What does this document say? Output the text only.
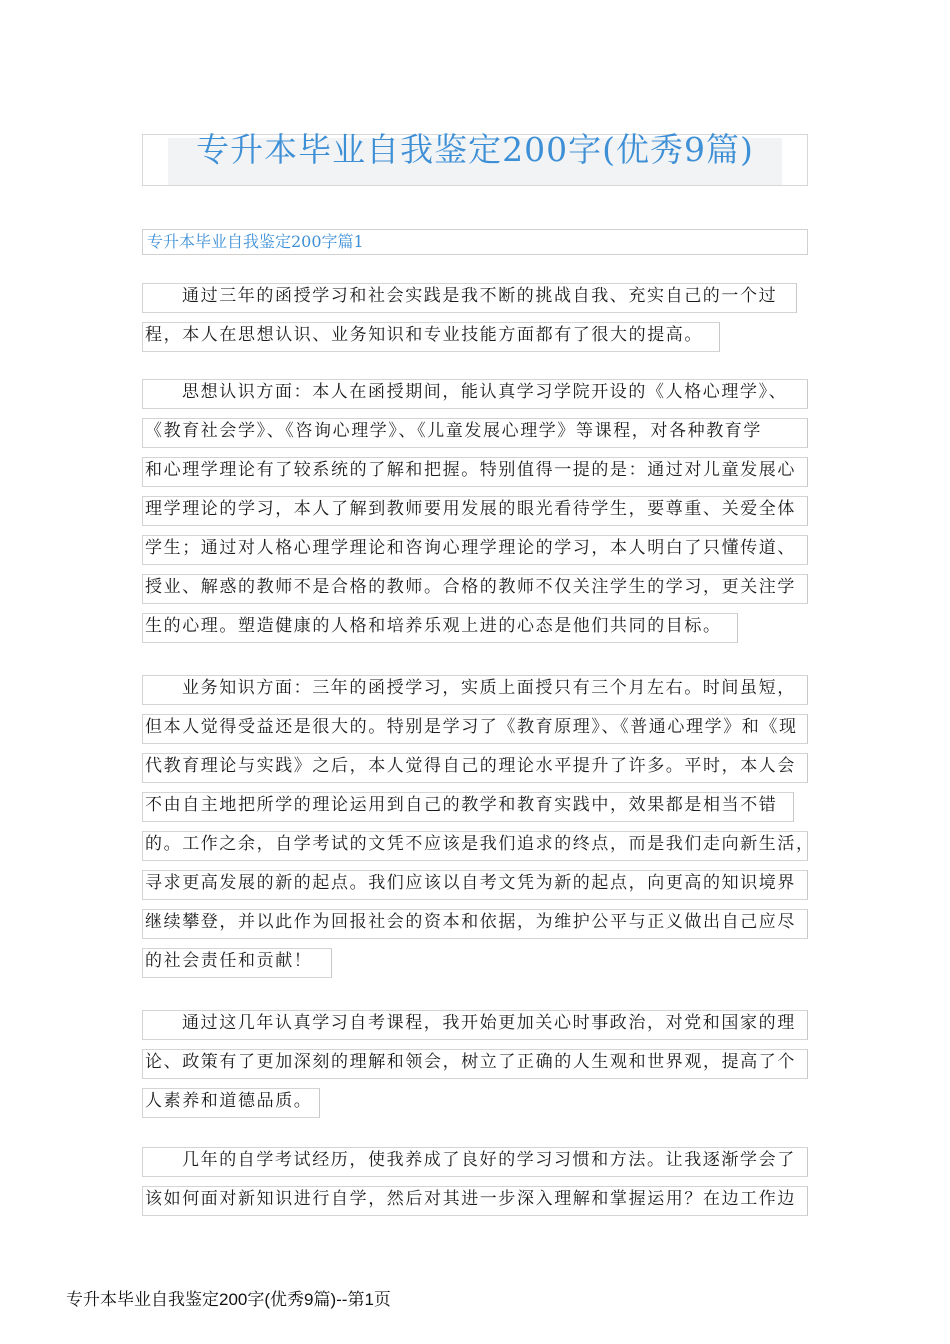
专升本毕业自我鉴定200字(优秀9篇)
专升本毕业自我鉴定200字篇1
通过三年的函授学习和社会实践是我不断的挑战自我、充实自己的一个过
程，本人在思想认识、业务知识和专业技能方面都有了很大的提高。
思想认识方面：本人在函授期间，能认真学习学院开设的《人格心理学》、
《教育社会学》、《咨询心理学》、《儿童发展心理学》等课程，对各种教育学
和心理学理论有了较系统的了解和把握。特别值得一提的是：通过对儿童发展心
理学理论的学习，本人了解到教师要用发展的眼光看待学生，要尊重、关爱全体
学生；通过对人格心理学理论和咨询心理学理论的学习，本人明白了只懂传道、
授业、解惑的教师不是合格的教师。合格的教师不仅关注学生的学习，更关注学
生的心理。塑造健康的人格和培养乐观上进的心态是他们共同的目标。
业务知识方面：三年的函授学习，实质上面授只有三个月左右。时间虽短，
但本人觉得受益还是很大的。特别是学习了《教育原理》、《普通心理学》和《现
代教育理论与实践》之后，本人觉得自己的理论水平提升了许多。平时，本人会
不由自主地把所学的理论运用到自己的教学和教育实践中，效果都是相当不错
的。工作之余，自学考试的文凭不应该是我们追求的终点，而是我们走向新生活，
寻求更高发展的新的起点。我们应该以自考文凭为新的起点，向更高的知识境界
继续攀登，并以此作为回报社会的资本和依据，为维护公平与正义做出自己应尽
的社会责任和贡献！
通过这几年认真学习自考课程，我开始更加关心时事政治，对党和国家的理
论、政策有了更加深刻的理解和领会，树立了正确的人生观和世界观，提高了个
人素养和道德品质。
几年的自学考试经历，使我养成了良好的学习习惯和方法。让我逐渐学会了
该如何面对新知识进行自学，然后对其进一步深入理解和掌握运用？在边工作边
专升本毕业自我鉴定200字(优秀9篇)--第1页
